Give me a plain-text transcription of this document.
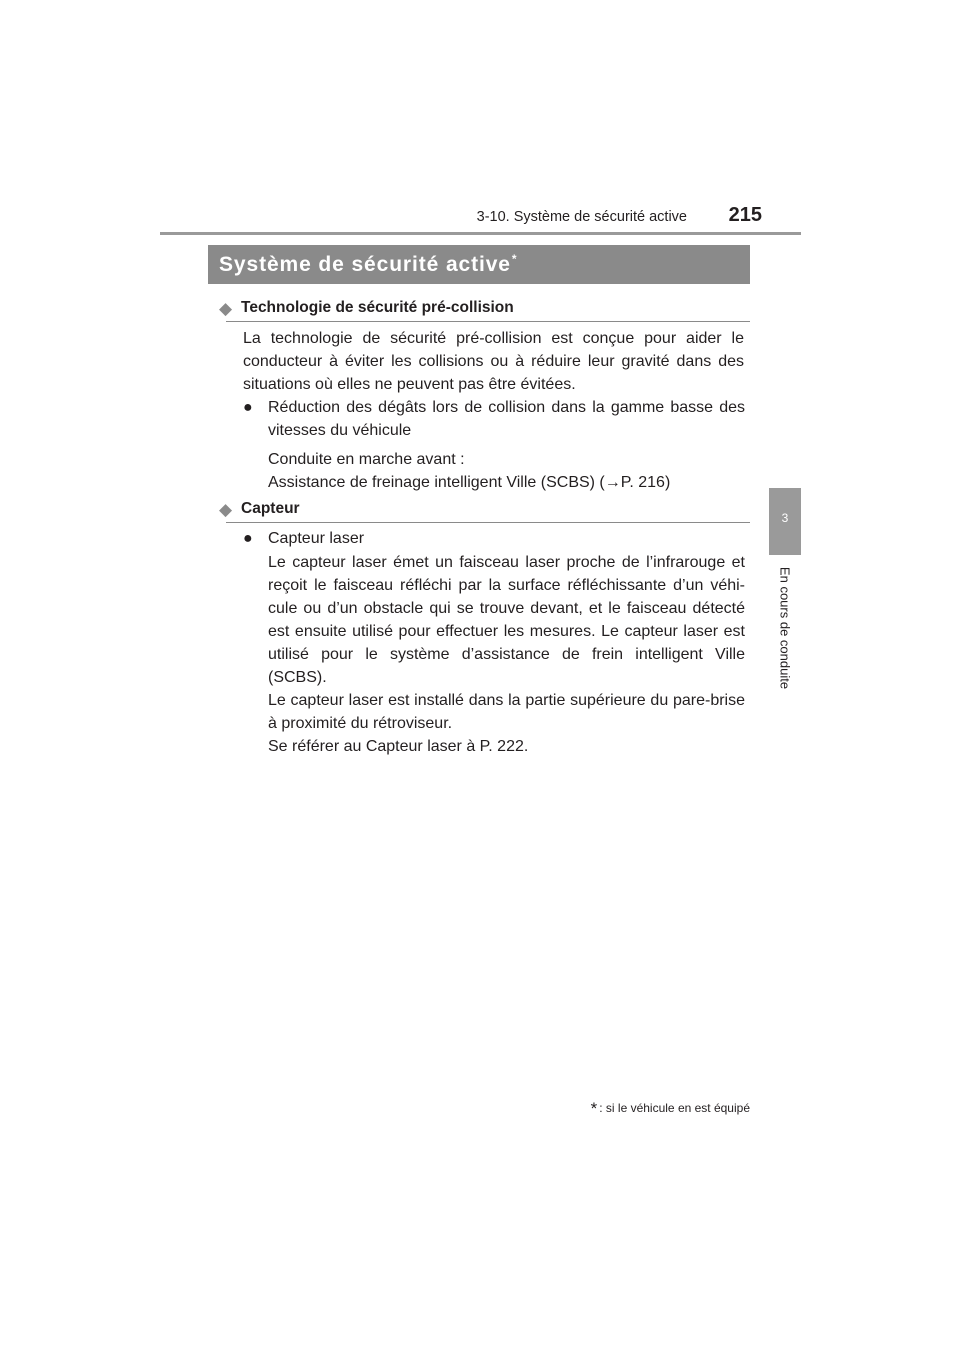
3-10. Système de sécurité active	215
3
En cours de conduite
Système de sécurité active*
◆ Technologie de sécurité pré-collision
La technologie de sécurité pré-collision est conçue pour aider le conducteur à éviter les collisions ou à réduire leur gravité dans des situations où elles ne peuvent pas être évitées.
● Réduction des dégâts lors de collision dans la gamme basse des vitesses du véhicule
Conduite en marche avant :
Assistance de freinage intelligent Ville (SCBS) (→P. 216)
◆ Capteur
● Capteur laser
Le capteur laser émet un faisceau laser proche de l’infrarouge et reçoit le faisceau réfléchi par la surface réfléchissante d’un véhi-cule ou d’un obstacle qui se trouve devant, et le faisceau détecté est ensuite utilisé pour effectuer les mesures. Le capteur laser est utilisé pour le système d’assistance de frein intelligent Ville (SCBS).
Le capteur laser est installé dans la partie supérieure du pare-brise à proximité du rétroviseur.
Se référer au Capteur laser à P. 222.
* : si le véhicule en est équipé
